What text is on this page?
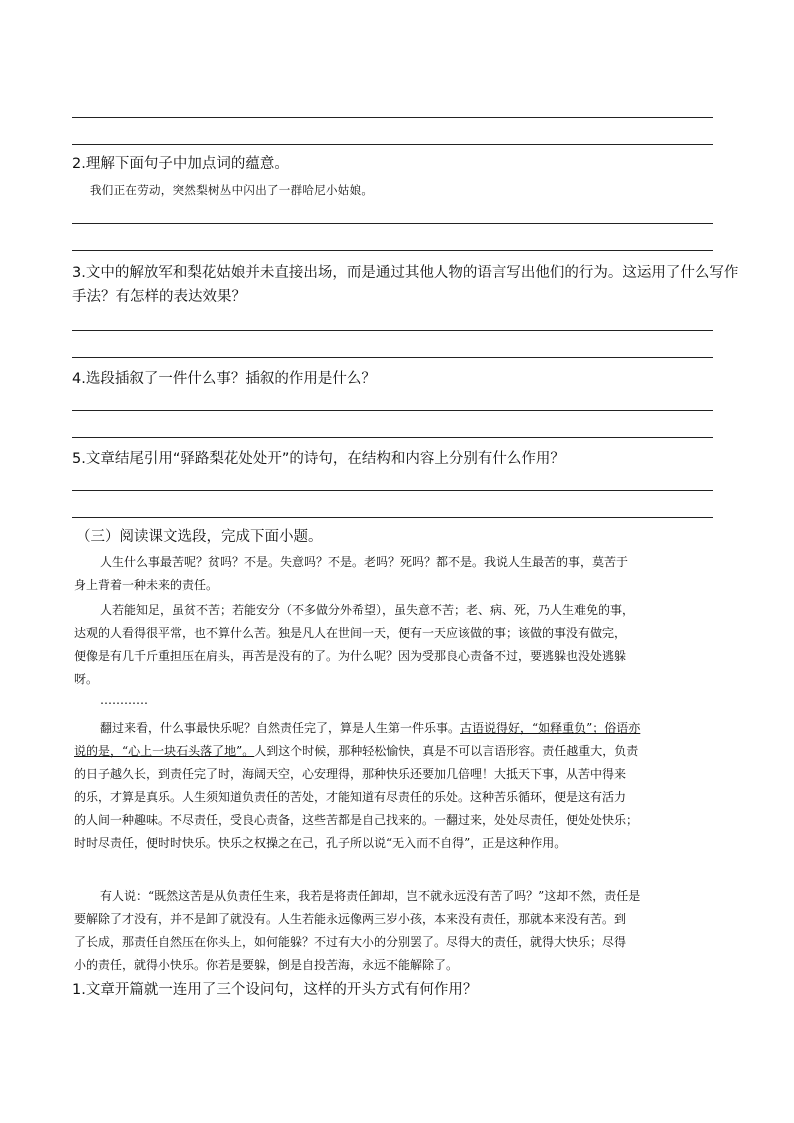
2.理解下面句子中加点词的蕴意。
我们正在劳动，突然梨树丛中闪出了一群哈尼小姑娘。
3.文中的解放军和梨花姑娘并未直接出场，而是通过其他人物的语言写出他们的行为。这运用了什么写作
手法？有怎样的表达效果？
4.选段插叙了一件什么事？插叙的作用是什么？
5.文章结尾引用“驿路梨花处处开”的诗句，在结构和内容上分别有什么作用？
（三）阅读课文选段，完成下面小题。
人生什么事最苦呢？贫吗？不是。失意吗？不是。老吗？死吗？都不是。我说人生最苦的事，莫苦于
身上背着一种未来的责任。
人若能知足，虽贫不苦；若能安分（不多做分外希望），虽失意不苦；老、病、死，乃人生难免的事，
达观的人看得很平常，也不算什么苦。独是凡人在世间一天，便有一天应该做的事；该做的事没有做完，
便像是有几千斤重担压在肩头，再苦是没有的了。为什么呢？因为受那良心责备不过，要逃躲也没处逃躲
呀。
…………
翻过来看，什么事最快乐呢？自然责任完了，算是人生第一件乐事。古语说得好，“如释重负”；俗语亦
说的是，“心上一块石头落了地”。人到这个时候，那种轻松愉快，真是不可以言语形容。责任越重大，负责
的日子越久长，到责任完了时，海阔天空，心安理得，那种快乐还要加几倍哩！大抵天下事，从苦中得来
的乐，才算是真乐。人生须知道负责任的苦处，才能知道有尽责任的乐处。这种苦乐循环，便是这有活力
的人间一种趣味。不尽责任，受良心责备，这些苦都是自己找来的。一翻过来，处处尽责任，便处处快乐；
时时尽责任，便时时快乐。快乐之权操之在己，孔子所以说“无入而不自得”，正是这种作用。
有人说：“既然这苦是从负责任生来，我若是将责任卸却，岂不就永远没有苦了吗？”这却不然，责任是
要解除了才没有，并不是卸了就没有。人生若能永远像两三岁小孩，本来没有责任，那就本来没有苦。到
了长成，那责任自然压在你头上，如何能躲？不过有大小的分别罢了。尽得大的责任，就得大快乐；尽得
小的责任，就得小快乐。你若是要躲，倒是自投苦海，永远不能解除了。
1.文章开篇就一连用了三个设问句，这样的开头方式有何作用？
